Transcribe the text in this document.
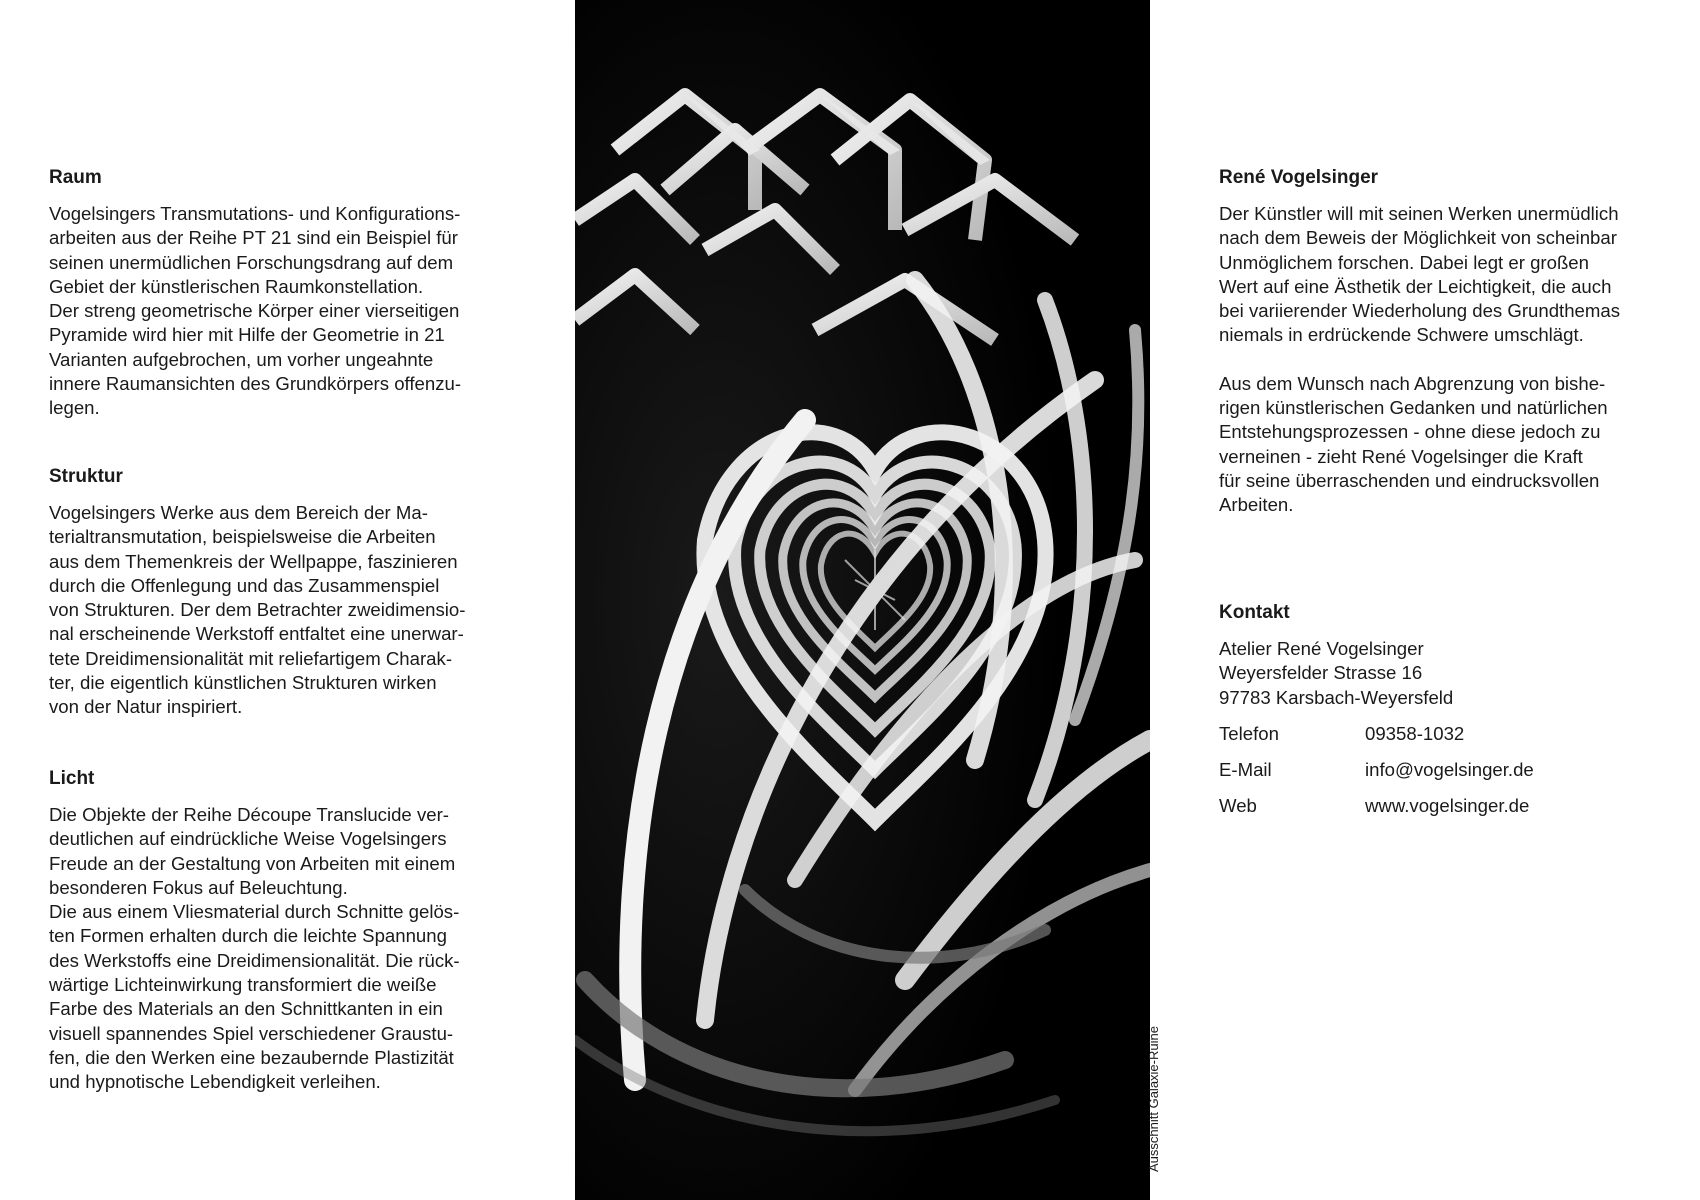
Raum

Vogelsingers Transmutations- und Konfigurations-
arbeiten aus der Reihe PT 21 sind ein Beispiel für
seinen unermüdlichen Forschungsdrang auf dem
Gebiet der künstlerischen Raumkonstellation.
Der streng geometrische Körper einer vierseitigen
Pyramide wird hier mit Hilfe der Geometrie in 21
Varianten aufgebrochen, um vorher ungeahnte
innere Raumansichten des Grundkörpers offenzu-
legen.

Struktur

Vogelsingers Werke aus dem Bereich der Ma-
terialtransmutation, beispielsweise die Arbeiten
aus dem Themenkreis der Wellpappe, faszinieren
durch die Offenlegung und das Zusammenspiel
von Strukturen. Der dem Betrachter zweidimensio-
nal erscheinende Werkstoff entfaltet eine unerwar-
tete Dreidimensionalität mit reliefartigem Charak-
ter, die eigentlich künstlichen Strukturen wirken
von der Natur inspiriert.

Licht

Die Objekte der Reihe Découpe Translucide ver-
deutlichen auf eindrückliche Weise Vogelsingers
Freude an der Gestaltung von Arbeiten mit einem
besonderen Fokus auf Beleuchtung.
Die aus einem Vliesmaterial durch Schnitte gelös-
ten Formen erhalten durch die leichte Spannung
des Werkstoffs eine Dreidimensionalität. Die rück-
wärtige Lichteinwirkung transformiert die weiße
Farbe des Materials an den Schnittkanten in ein
visuell spannendes Spiel verschiedener Graustu-
fen, die den Werken eine bezaubernde Plastizität
und hypnotische Lebendigkeit verleihen.	Ausschnitt Galaxie-Ruine
René Vogelsinger

Der Künstler will mit seinen Werken unermüdlich
nach dem Beweis der Möglichkeit von scheinbar
Unmöglichem forschen. Dabei legt er großen
Wert auf eine Ästhetik der Leichtigkeit, die auch
bei variierender Wiederholung des Grundthemas
niemals in erdrückende Schwere umschlägt.

Aus dem Wunsch nach Abgrenzung von bishe-
rigen künstlerischen Gedanken und natürlichen
Entstehungsprozessen - ohne diese jedoch zu
verneinen - zieht René Vogelsinger die Kraft
für seine überraschenden und eindrucksvollen
Arbeiten.

Kontakt
Atelier René Vogelsinger
Weyersfelder Strasse 16
97783 Karsbach-Weyersfeld
Telefon	09358-1032
E-Mail	info@vogelsinger.de
Web	www.vogelsinger.de
